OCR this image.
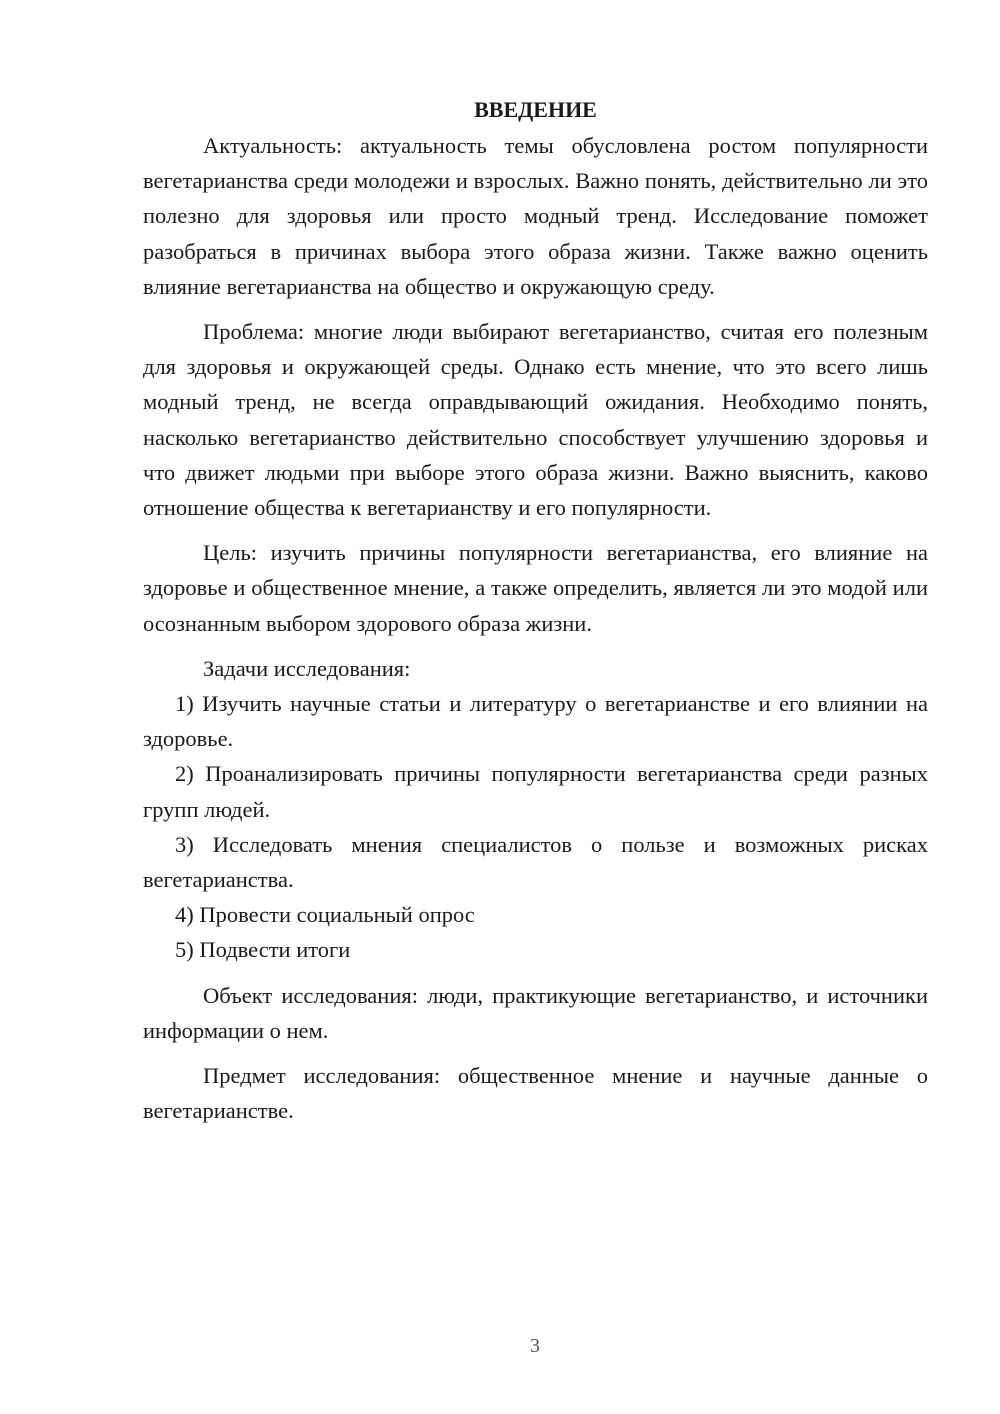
ВВЕДЕНИЕ

Актуальность: актуальность темы обусловлена ростом популярности вегетарианства среди молодежи и взрослых. Важно понять, действительно ли это полезно для здоровья или просто модный тренд. Исследование поможет разобраться в причинах выбора этого образа жизни. Также важно оценить влияние вегетарианства на общество и окружающую среду.

Проблема: многие люди выбирают вегетарианство, считая его полезным для здоровья и окружающей среды. Однако есть мнение, что это всего лишь модный тренд, не всегда оправдывающий ожидания. Необходимо понять, насколько вегетарианство действительно способствует улучшению здоровья и что движет людьми при выборе этого образа жизни. Важно выяснить, каково отношение общества к вегетарианству и его популярности.

Цель: изучить причины популярности вегетарианства, его влияние на здоровье и общественное мнение, а также определить, является ли это модой или осознанным выбором здорового образа жизни.

Задачи исследования:

1) Изучить научные статьи и литературу о вегетарианстве и его влиянии на здоровье.

2) Проанализировать причины популярности вегетарианства среди разных групп людей.

3) Исследовать мнения специалистов о пользе и возможных рисках вегетарианства.

4) Провести социальный опрос

5) Подвести итоги

Объект исследования: люди, практикующие вегетарианство, и источники информации о нем.

Предмет исследования: общественное мнение и научные данные о вегетарианстве.

3
